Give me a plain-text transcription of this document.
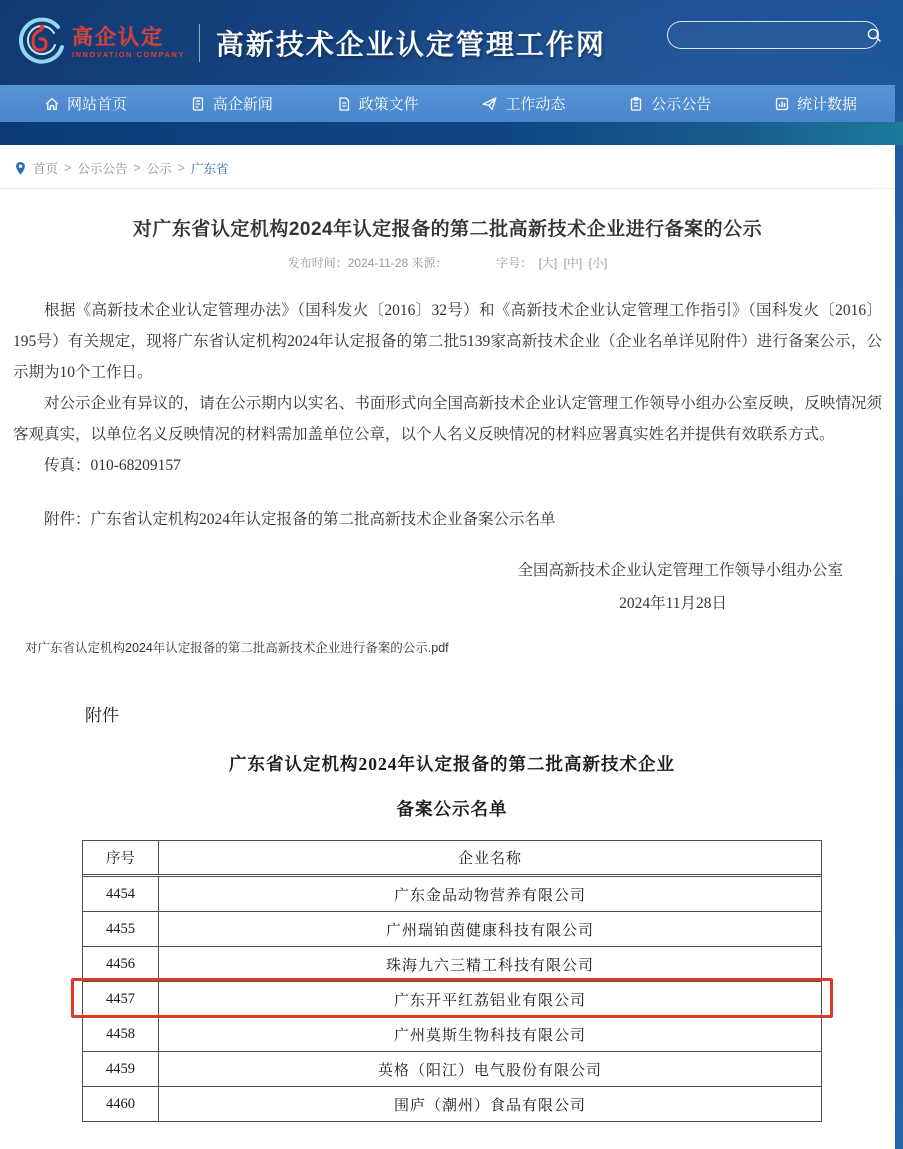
高企认定
INNOVATION COMPANY 高新技术企业认定管理工作网
网站首页	高企新闻	政策文件	工作动态	公示公告	统计数据
首页 > 公示公告 > 公示 > 广东省
对广东省认定机构2024年认定报备的第二批高新技术企业进行备案的公示
发布时间：2024-11-28 来源：	字号： [大] [中] [小]

根据《高新技术企业认定管理办法》（国科发火〔2016〕32号）和《高新技术企业认定管理工作指引》（国科发火〔2016〕195号）有关规定，现将广东省认定机构2024年认定报备的第二批5139家高新技术企业（企业名单详见附件）进行备案公示，公示期为10个工作日。

对公示企业有异议的，请在公示期内以实名、书面形式向全国高新技术企业认定管理工作领导小组办公室反映，反映情况须客观真实，以单位名义反映情况的材料需加盖单位公章，以个人名义反映情况的材料应署真实姓名并提供有效联系方式。

传真：010-68209157

附件：广东省认定机构2024年认定报备的第二批高新技术企业备案公示名单
全国高新技术企业认定管理工作领导小组办公室
2024年11月28日
对广东省认定机构2024年认定报备的第二批高新技术企业进行备案的公示.pdf
附件
广东省认定机构2024年认定报备的第二批高新技术企业
备案公示名单
序号	企业名称
4454	广东金品动物营养有限公司
4455	广州瑞铂茵健康科技有限公司
4456	珠海九六三精工科技有限公司
4457	广东开平红荔铝业有限公司
4458	广州莫斯生物科技有限公司
4459	英格（阳江）电气股份有限公司
4460	围庐（潮州）食品有限公司
